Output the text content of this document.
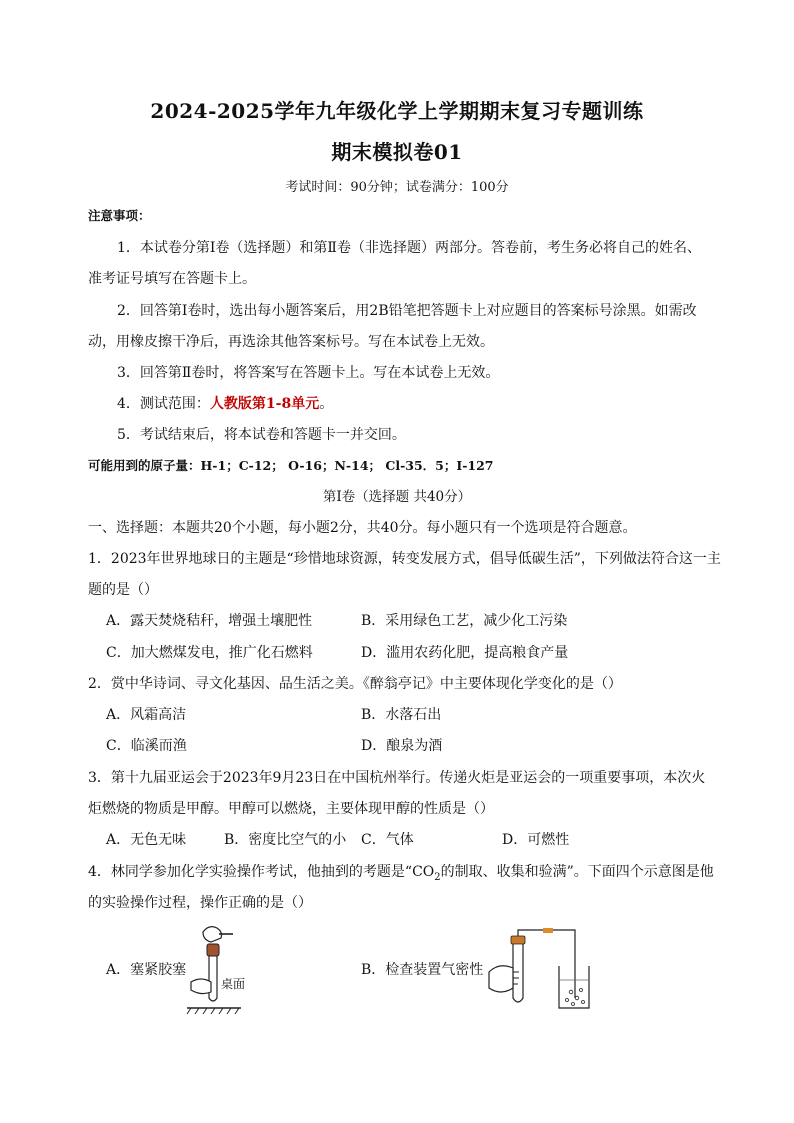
2024-2025学年九年级化学上学期期末复习专题训练
期末模拟卷01
考试时间：90分钟；试卷满分：100分
注意事项：
1．本试卷分第Ⅰ卷（选择题）和第Ⅱ卷（非选择题）两部分。答卷前，考生务必将自己的姓名、
准考证号填写在答题卡上。
2．回答第Ⅰ卷时，选出每小题答案后，用2B铅笔把答题卡上对应题目的答案标号涂黑。如需改
动，用橡皮擦干净后，再选涂其他答案标号。写在本试卷上无效。
3．回答第Ⅱ卷时，将答案写在答题卡上。写在本试卷上无效。
4．测试范围：人教版第1-8单元。
5．考试结束后，将本试卷和答题卡一并交回。
可能用到的原子量：H-1；C-12； O-16；N-14； Cl-35．5；I-127
第Ⅰ卷（选择题 共40分）
一、选择题：本题共20个小题，每小题2分，共40分。每小题只有一个选项是符合题意。
1．2023年世界地球日的主题是“珍惜地球资源，转变发展方式，倡导低碳生活”，下列做法符合这一主
题的是（）
A．露天焚烧秸秆，增强土壤肥性	B．采用绿色工艺，减少化工污染
C．加大燃煤发电，推广化石燃料	D．滥用农药化肥，提高粮食产量
2．赏中华诗词、寻文化基因、品生活之美。《醉翁亭记》中主要体现化学变化的是（）
A．风霜高洁	B．水落石出
C．临溪而渔	D．酿泉为酒
3．第十九届亚运会于2023年9月23日在中国杭州举行。传递火炬是亚运会的一项重要事项，本次火
炬燃烧的物质是甲醇。甲醇可以燃烧，主要体现甲醇的性质是（）
A．无色无味	B．密度比空气的小 C．气体	D．可燃性
4．林同学参加化学实验操作考试，他抽到的考题是“$CO_2$的制取、收集和验满”。下面四个示意图是他
的实验操作过程，操作正确的是（）
A．塞紧胶塞	B．检查装置气密性
桌面
